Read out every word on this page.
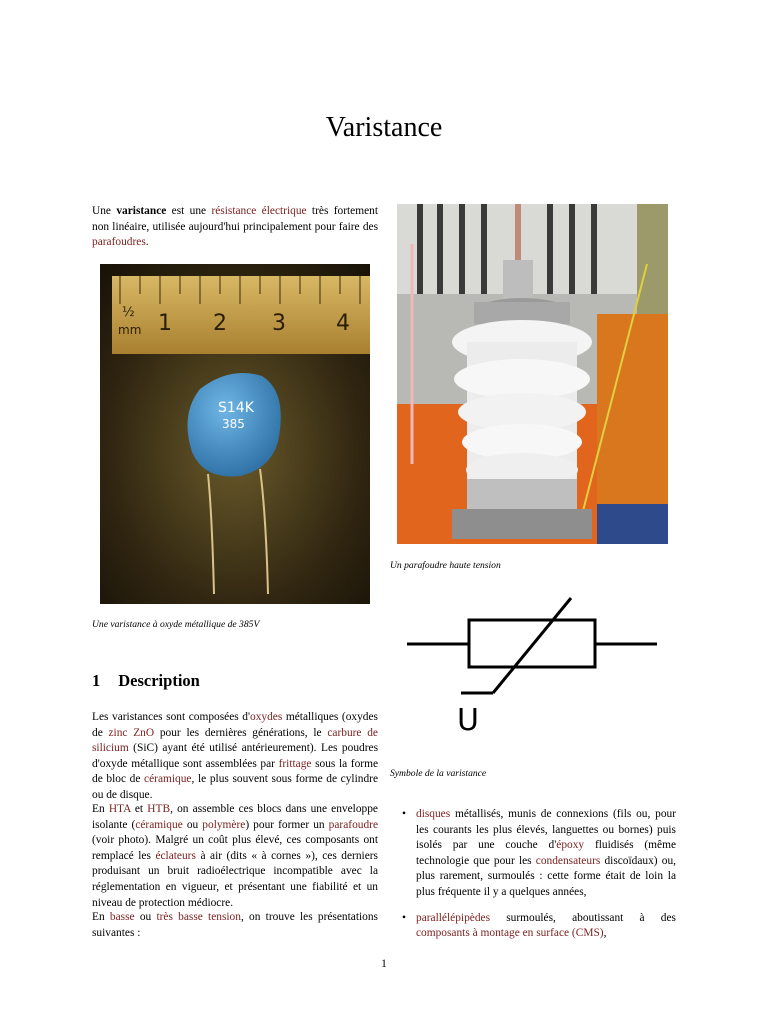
Varistance
Une varistance est une résistance électrique très fortement non linéaire, utilisée aujourd'hui principalement pour faire des parafoudres.
½
mm 1 2 3 4
S14K
385
Une varistance à oxyde métallique de 385V
Un parafoudre haute tension
U
Symbole de la varistance
1 Description
Les varistances sont composées d'oxydes métalliques (oxydes de zinc ZnO pour les dernières générations, le carbure de silicium (SiC) ayant été utilisé antérieurement). Les poudres d'oxyde métallique sont assemblées par frittage sous la forme de bloc de céramique, le plus souvent sous forme de cylindre ou de disque.
En HTA et HTB, on assemble ces blocs dans une enveloppe isolante (céramique ou polymère) pour former un parafoudre (voir photo). Malgré un coût plus élevé, ces composants ont remplacé les éclateurs à air (dits « à cornes »), ces derniers produisant un bruit radioélectrique incompatible avec la réglementation en vigueur, et présentant une fiabilité et un niveau de protection médiocre.
En basse ou très basse tension, on trouve les présentations suivantes :
• disques métallisés, munis de connexions (fils ou, pour les courants les plus élevés, languettes ou bornes) puis isolés par une couche d'époxy fluidisés (même technologie que pour les condensateurs discoïdaux) ou, plus rarement, surmoulés : cette forme était de loin la plus fréquente il y a quelques années,
• parallélépipèdes surmoulés, aboutissant à des composants à montage en surface (CMS),
1
